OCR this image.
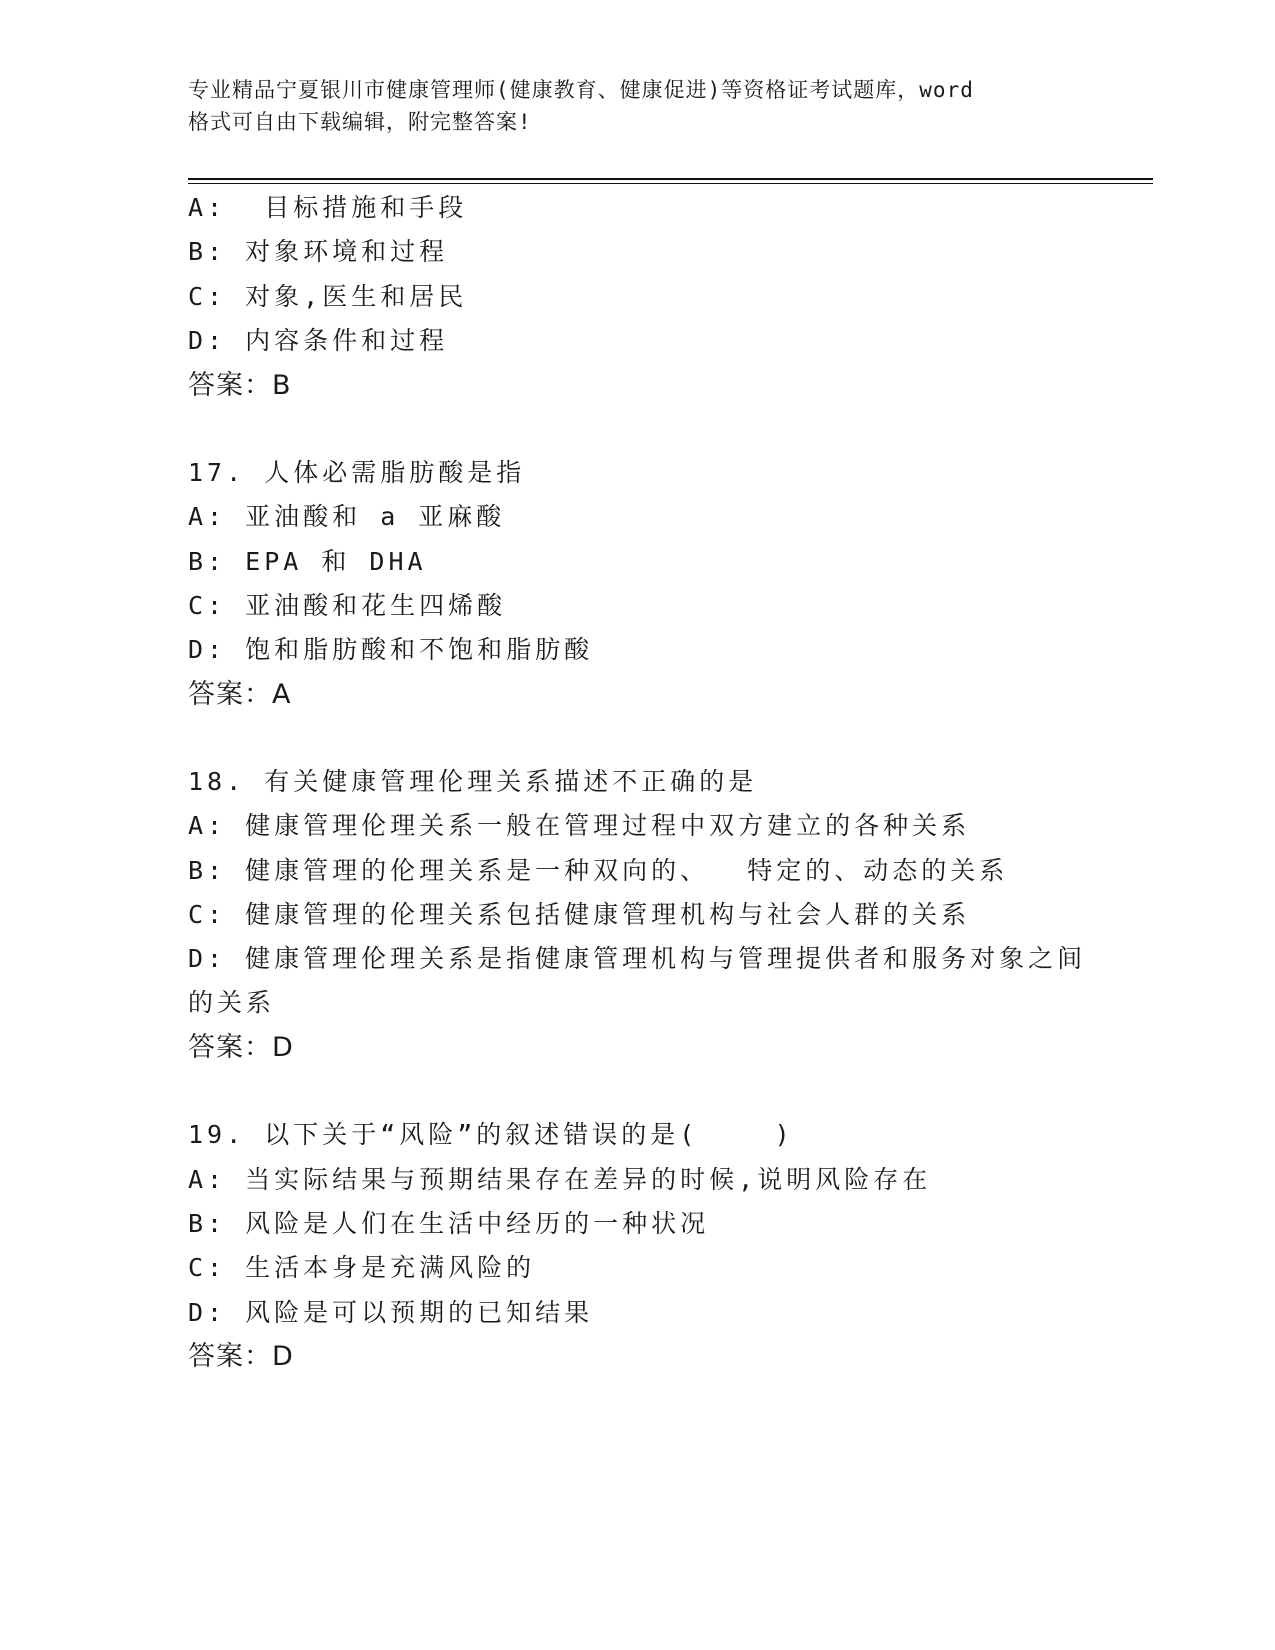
专业精品宁夏银川市健康管理师(健康教育、健康促进)等资格证考试题库，word
格式可自由下载编辑，附完整答案!
A:  目标措施和手段
B: 对象环境和过程
C: 对象,医生和居民
D: 内容条件和过程
答案：B
17. 人体必需脂肪酸是指
A: 亚油酸和 a 亚麻酸
B: EPA 和 DHA
C: 亚油酸和花生四烯酸
D: 饱和脂肪酸和不饱和脂肪酸
答案：A
18. 有关健康管理伦理关系描述不正确的是
A: 健康管理伦理关系一般在管理过程中双方建立的各种关系
B: 健康管理的伦理关系是一种双向的、  特定的、动态的关系
C: 健康管理的伦理关系包括健康管理机构与社会人群的关系
D: 健康管理伦理关系是指健康管理机构与管理提供者和服务对象之间
的关系
答案：D
19. 以下关于“风险”的叙述错误的是(    )
A: 当实际结果与预期结果存在差异的时候,说明风险存在
B: 风险是人们在生活中经历的一种状况
C: 生活本身是充满风险的
D: 风险是可以预期的已知结果
答案：D
